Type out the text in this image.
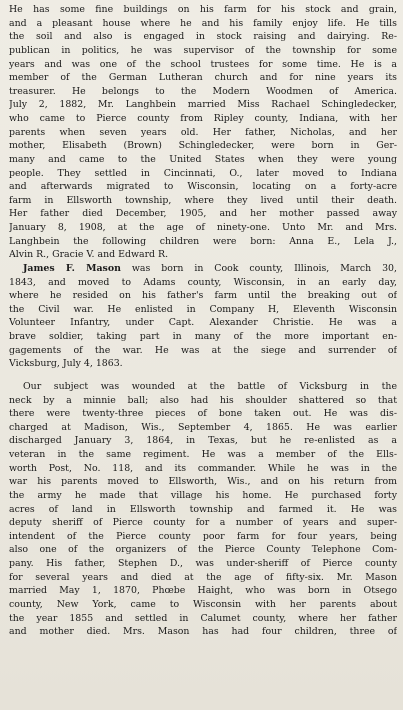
He has some fine buildings on his farm for his stock and grain,
and a pleasant house where he and his family enjoy life. He tills
the soil and also is engaged in stock raising and dairying. Re-
publican in politics, he was supervisor of the township for some
years and was one of the school trustees for some time. He is a
member of the German Lutheran church and for nine years its
treasurer. He belongs to the Modern Woodmen of America.
July 2, 1882, Mr. Langhbein married Miss Rachael Schingledecker,
who came to Pierce county from Ripley county, Indiana, with her
parents when seven years old. Her father, Nicholas, and her
mother, Elisabeth (Brown) Schingledecker, were born in Ger-
many and came to the United States when they were young
people. They settled in Cincinnati, O., later moved to Indiana
and afterwards migrated to Wisconsin, locating on a forty-acre
farm in Ellsworth township, where they lived until their death.
Her father died December, 1905, and her mother passed away
January 8, 1908, at the age of ninety-one. Unto Mr. and Mrs.
Langhbein the following children were born: Anna E., Lela J.,
Alvin R., Gracie V. and Edward R.
James F. Mason was born in Cook county, Illinois, March 30,
1843, and moved to Adams county, Wisconsin, in an early day,
where he resided on his father's farm until the breaking out of
the Civil war. He enlisted in Company H, Eleventh Wisconsin
Volunteer Infantry, under Capt. Alexander Christie. He was a
brave soldier, taking part in many of the more important en-
gagements of the war. He was at the siege and surrender of
Vicksburg, July 4, 1863.
Our subject was wounded at the battle of Vicksburg in the
neck by a minnie ball; also had his shoulder shattered so that
there were twenty-three pieces of bone taken out. He was dis-
charged at Madison, Wis., September 4, 1865. He was earlier
discharged January 3, 1864, in Texas, but he re-enlisted as a
veteran in the same regiment. He was a member of the Ells-
worth Post, No. 118, and its commander. While he was in the
war his parents moved to Ellsworth, Wis., and on his return from
the army he made that village his home. He purchased forty
acres of land in Ellsworth township and farmed it. He was
deputy sheriff of Pierce county for a number of years and super-
intendent of the Pierce county poor farm for four years, being
also one of the organizers of the Pierce County Telephone Com-
pany. His father, Stephen D., was under-sheriff of Pierce county
for several years and died at the age of fifty-six. Mr. Mason
married May 1, 1870, Phœbe Haight, who was born in Otsego
county, New York, came to Wisconsin with her parents about
the year 1855 and settled in Calumet county, where her father
and mother died. Mrs. Mason has had four children, three of
